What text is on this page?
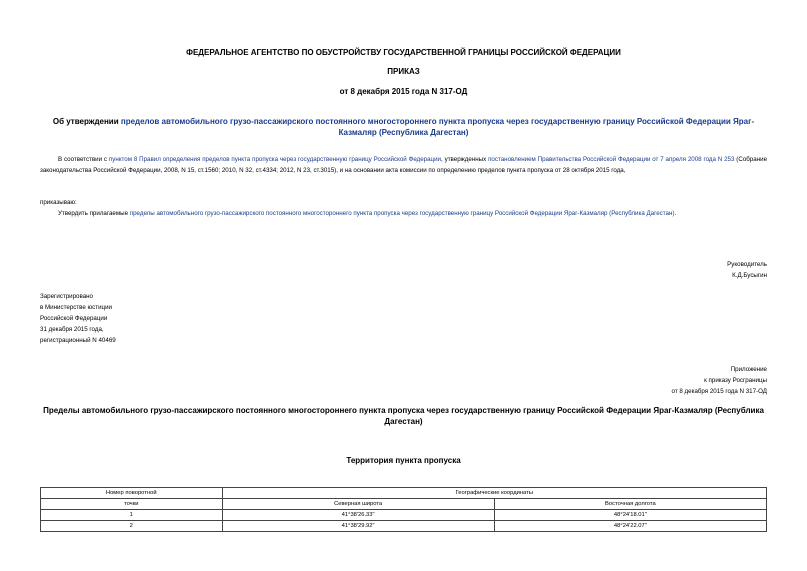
ФЕДЕРАЛЬНОЕ АГЕНТСТВО ПО ОБУСТРОЙСТВУ ГОСУДАРСТВЕННОЙ ГРАНИЦЫ РОССИЙСКОЙ ФЕДЕРАЦИИ
ПРИКАЗ
от 8 декабря 2015 года N 317-ОД
Об утверждении пределов автомобильного грузо-пассажирского постоянного многостороннего пункта пропуска через государственную границу Российской Федерации Яраг-Казмаляр (Республика Дагестан)
В соответствии с пунктом 8 Правил определения пределов пункта пропуска через государственную границу Российской Федерации, утвержденных постановлением Правительства Российской Федерации от 7 апреля 2008 года N 253 (Собрание законодательства Российской Федерации, 2008, N 15, ст.1560; 2010, N 32, ст.4334; 2012, N 23, ст.3015), и на основании акта комиссии по определению пределов пункта пропуска от 28 октября 2015 года,
приказываю:
Утвердить прилагаемые пределы автомобильного грузо-пассажирского постоянного многостороннего пункта пропуска через государственную границу Российской Федерации Яраг-Казмаляр (Республика Дагестан).
Руководитель
К.Д.Бусыгин
Зарегистрировано
в Министерстве юстиции
Российской Федерации
31 декабря 2015 года,
регистрационный N 40469
Приложение
к приказу Росграницы
от 8 декабря 2015 года N 317-ОД
Пределы автомобильного грузо-пассажирского постоянного многостороннего пункта пропуска через государственную границу Российской Федерации Яраг-Казмаляр (Республика Дагестан)
Территория пункта пропуска
Номер поворотной	Географические координаты	
точки	Северная широта	Восточная долгота
1	41°38'26.33"	48°24'18.01"
2	41°38'29.92"	48°24'22.07"
